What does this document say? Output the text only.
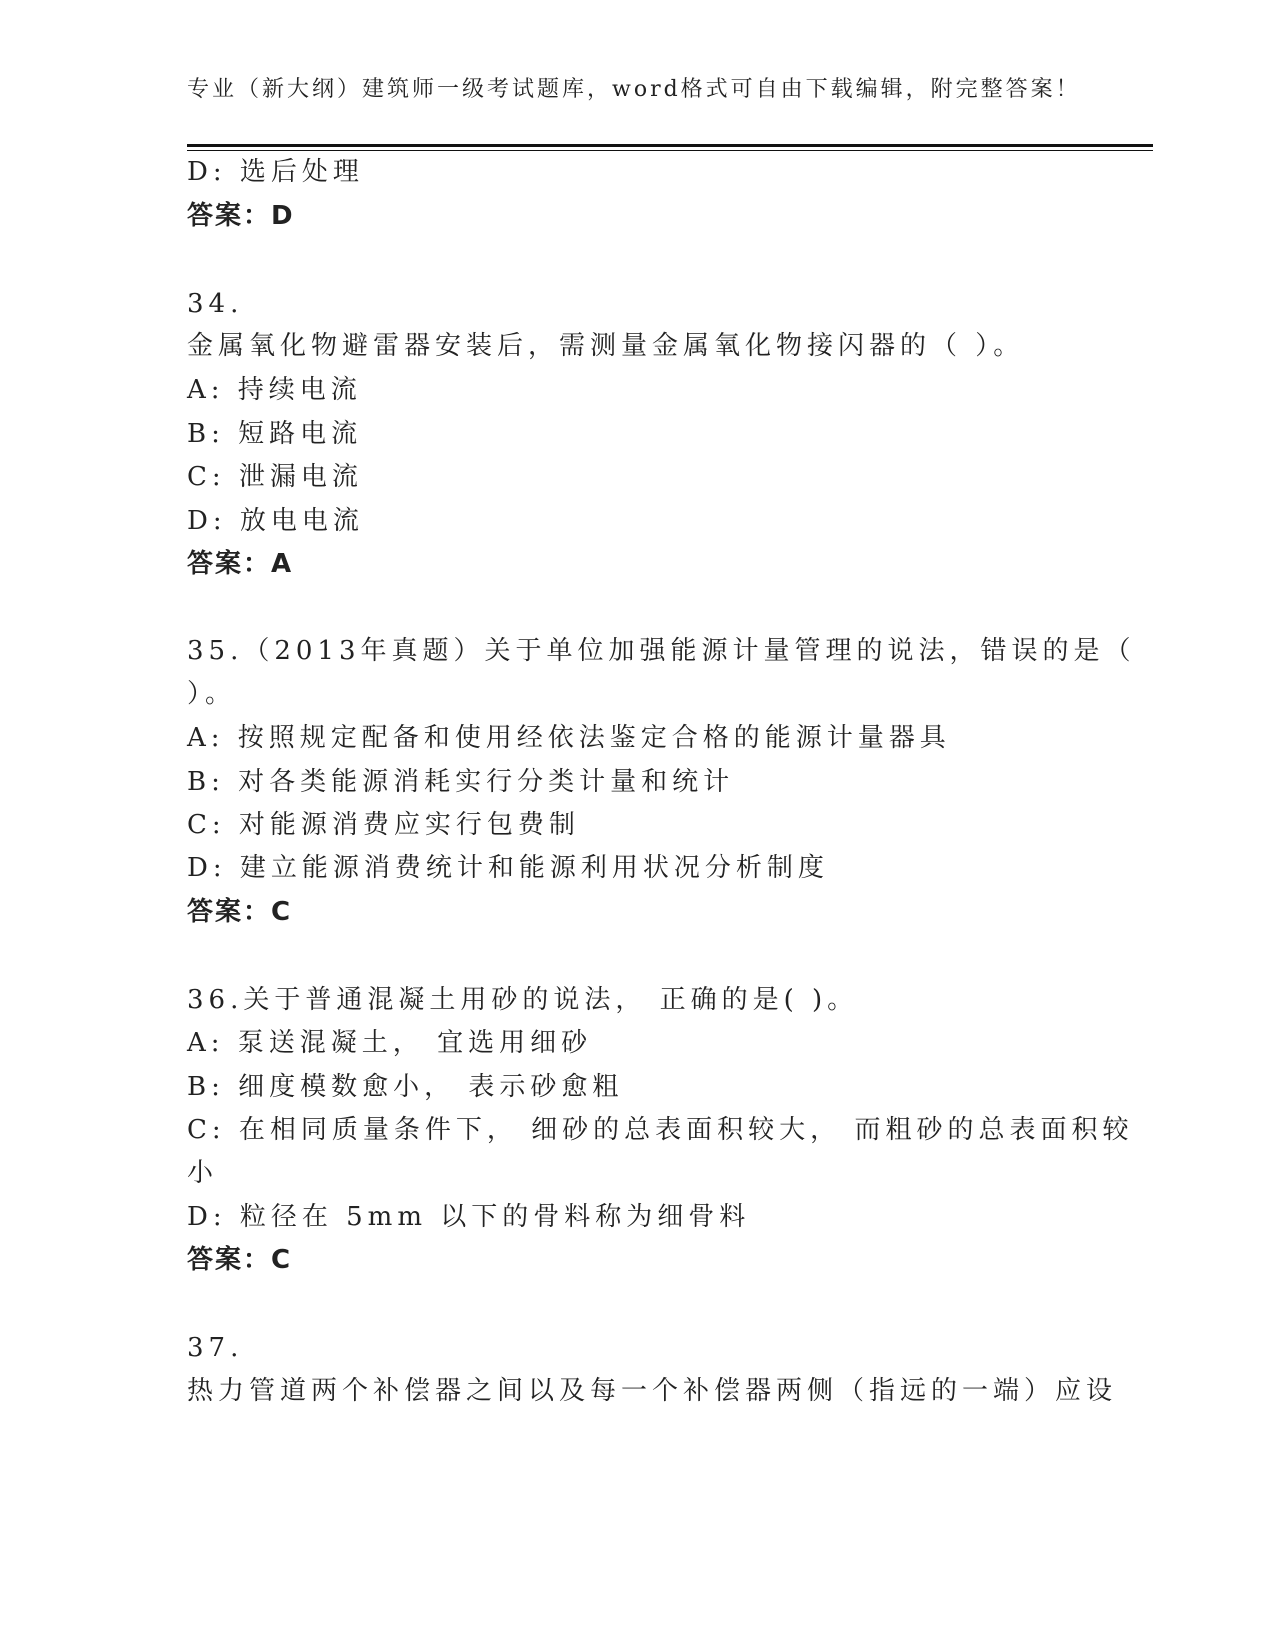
专业（新大纲）建筑师一级考试题库，word格式可自由下载编辑，附完整答案！
D: 选后处理
答案：D
34.
金属氧化物避雷器安装后，需测量金属氧化物接闪器的（ ）。
A: 持续电流
B: 短路电流
C: 泄漏电流
D: 放电电流
答案：A
35.（2013年真题）关于单位加强能源计量管理的说法，错误的是（
）。
A: 按照规定配备和使用经依法鉴定合格的能源计量器具
B: 对各类能源消耗实行分类计量和统计
C: 对能源消费应实行包费制
D: 建立能源消费统计和能源利用状况分析制度
答案：C
36.关于普通混凝土用砂的说法， 正确的是( )。
A: 泵送混凝土， 宜选用细砂
B: 细度模数愈小， 表示砂愈粗
C: 在相同质量条件下， 细砂的总表面积较大， 而粗砂的总表面积较
小
D: 粒径在 5mm 以下的骨料称为细骨料
答案：C
37.
热力管道两个补偿器之间以及每一个补偿器两侧（指远的一端）应设
